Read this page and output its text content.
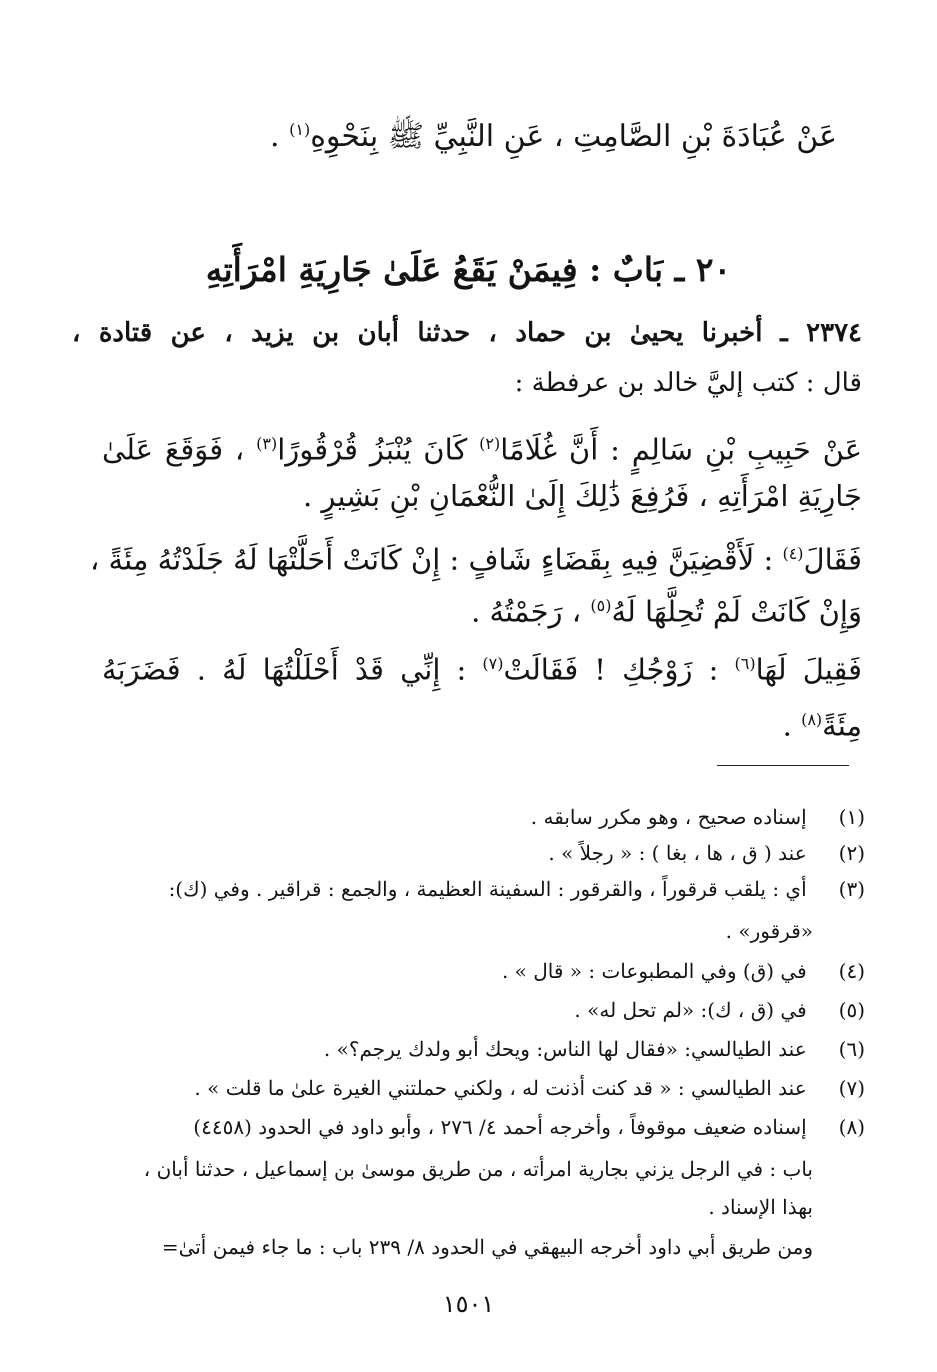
عَنْ عُبَادَةَ بْنِ الصَّامِتِ ، عَنِ النَّبِيِّ ﷺ بِنَحْوِهِ$^{(١)}$ .
٢٠ ـ بَابٌ : فِيمَنْ يَقَعُ عَلَىٰ جَارِيَةِ امْرَأَتِهِ
٢٣٧٤ ـ أخبرنا يحيىٰ بن حماد ، حدثنا أبان بن يزيد ، عن قتادة ،
قال : كتب إليَّ خالد بن عرفطة :
عَنْ حَبِيبِ بْنِ سَالِمٍ : أَنَّ غُلَامًا$^{(٢)}$ كَانَ يُنْبَزُ قُرْقُورًا$^{(٣)}$ ، فَوَقَعَ عَلَىٰ
جَارِيَةِ امْرَأَتِهِ ، فَرُفِعَ ذَٰلِكَ إِلَىٰ النُّعْمَانِ بْنِ بَشِيرٍ .
فَقَالَ$^{(٤)}$ : لَأَقْضِيَنَّ فِيهِ بِقَضَاءٍ شَافٍ : إِنْ كَانَتْ أَحَلَّتْهَا لَهُ جَلَدْتُهُ مِئَةً ،
وَإِنْ كَانَتْ لَمْ تُحِلَّهَا لَهُ$^{(٥)}$ ، رَجَمْتُهُ .
فَقِيلَ لَهَا$^{(٦)}$ : زَوْجُكِ ! فَقَالَتْ$^{(٧)}$ : إِنِّي قَدْ أَحْلَلْتُهَا لَهُ . فَضَرَبَهُ
مِئَةً$^{(٨)}$ .
(١) إسناده صحيح ، وهو مكرر سابقه .
(٢) عند ( ق ، ها ، بغا ) : « رجلاً » .
(٣) أي : يلقب قرقوراً ، والقرقور : السفينة العظيمة ، والجمع : قراقير . وفي (ك):
«قرقور» .
(٤) في (ق) وفي المطبوعات : « قال » .
(٥) في (ق ، ك): «لم تحل له» .
(٦) عند الطيالسي: «فقال لها الناس: ويحك أبو ولدك يرجم؟» .
(٧) عند الطيالسي : « قد كنت أذنت له ، ولكني حملتني الغيرة علىٰ ما قلت » .
(٨) إسناده ضعيف موقوفاً ، وأخرجه أحمد ٤/ ٢٧٦ ، وأبو داود في الحدود (٤٤٥٨)
باب : في الرجل يزني بجارية امرأته ، من طريق موسىٰ بن إسماعيل ، حدثنا أبان ،
بهذا الإسناد .
ومن طريق أبي داود أخرجه البيهقي في الحدود ٨/ ٢٣٩ باب : ما جاء فيمن أتىٰ=
١٥٠١
